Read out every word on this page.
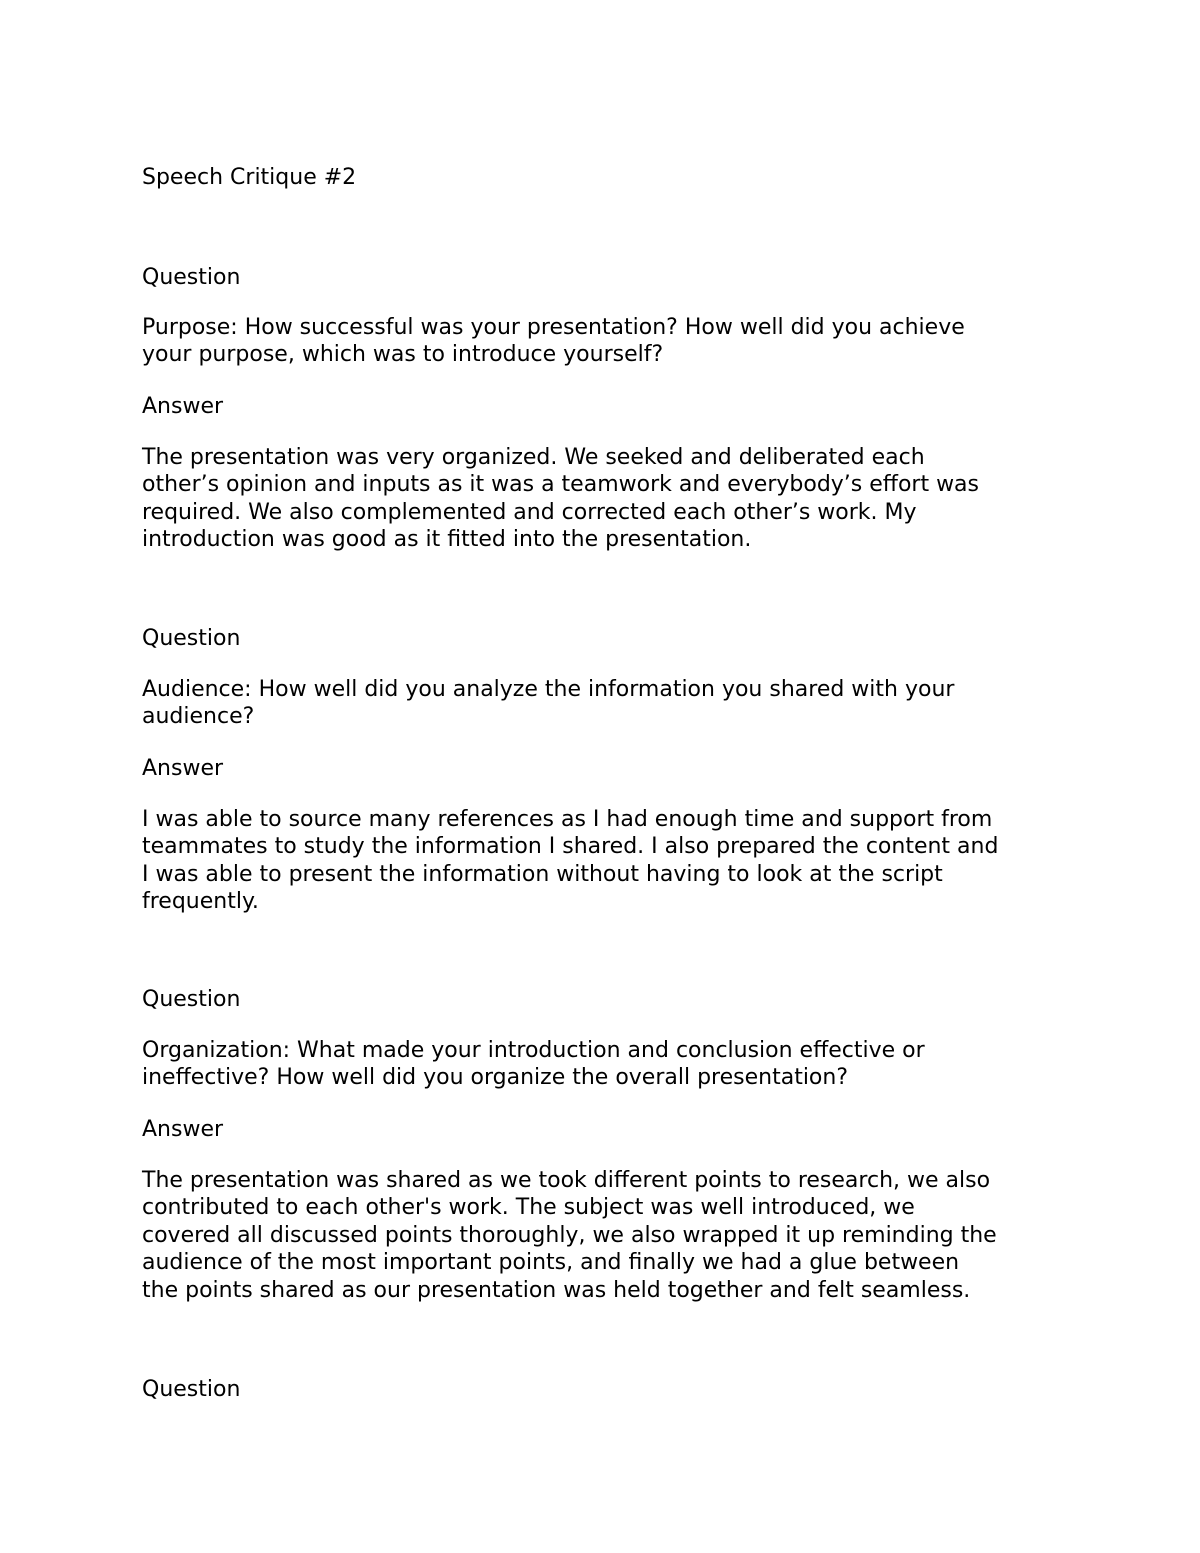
Speech Critique #2

Question

Purpose: How successful was your presentation? How well did you achieve

your purpose, which was to introduce yourself?

Answer

The presentation was very organized. We seeked and deliberated each

other’s opinion and inputs as it was a teamwork and everybody’s effort was

required. We also complemented and corrected each other’s work. My

introduction was good as it fitted into the presentation.

Question

Audience: How well did you analyze the information you shared with your

audience?

Answer

I was able to source many references as I had enough time and support from

teammates to study the information I shared. I also prepared the content and

I was able to present the information without having to look at the script

frequently.

Question

Organization: What made your introduction and conclusion effective or

ineffective? How well did you organize the overall presentation?

Answer

The presentation was shared as we took different points to research, we also

contributed to each other's work. The subject was well introduced, we

covered all discussed points thoroughly, we also wrapped it up reminding the

audience of the most important points, and finally we had a glue between

the points shared as our presentation was held together and felt seamless.

Question
